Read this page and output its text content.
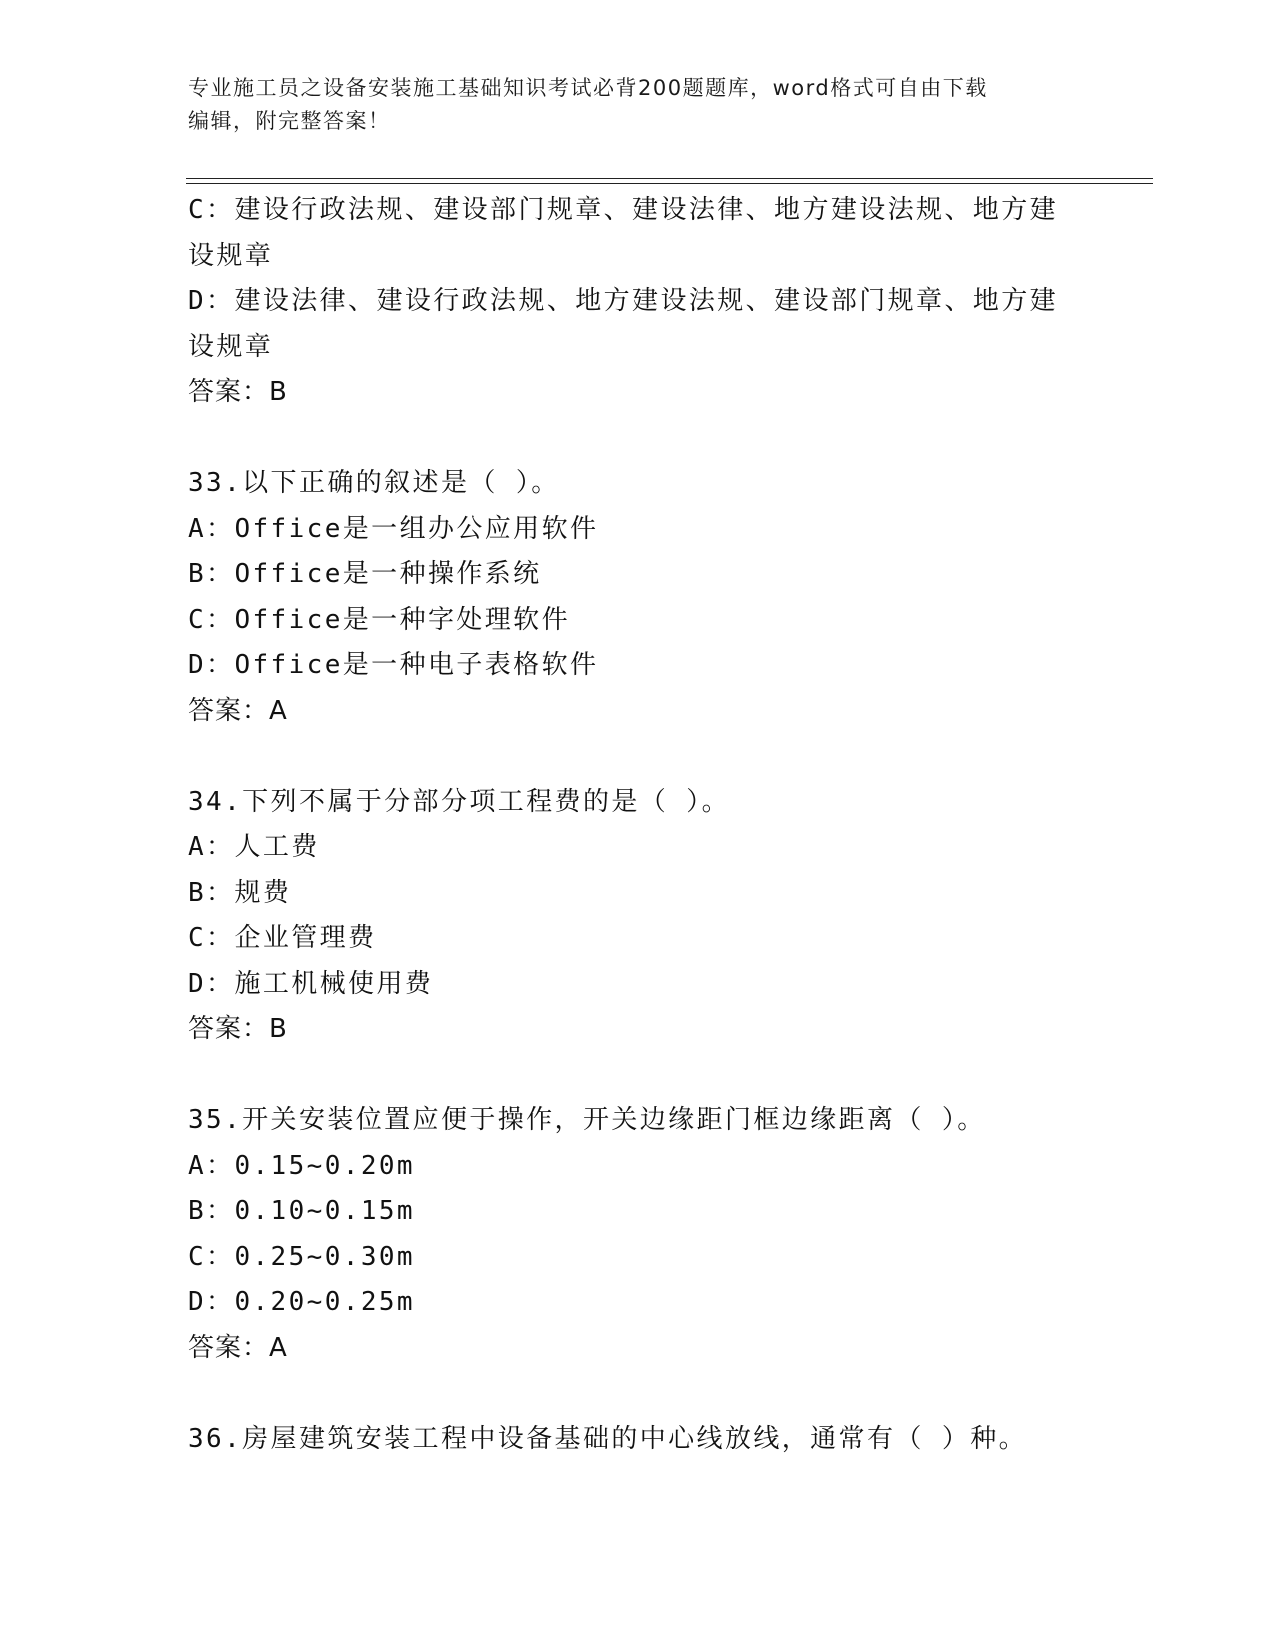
专业施工员之设备安装施工基础知识考试必背200题题库，word格式可自由下载
编辑，附完整答案！
C：建设行政法规、建设部门规章、建设法律、地方建设法规、地方建
设规章
D：建设法律、建设行政法规、地方建设法规、建设部门规章、地方建
设规章
答案：B
33.以下正确的叙述是（ ）。
A：Office是一组办公应用软件
B：Office是一种操作系统
C：Office是一种字处理软件
D：Office是一种电子表格软件
答案：A
34.下列不属于分部分项工程费的是（ ）。
A：人工费
B：规费
C：企业管理费
D：施工机械使用费
答案：B
35.开关安装位置应便于操作，开关边缘距门框边缘距离（ ）。
A：0.15~0.20m
B：0.10~0.15m
C：0.25~0.30m
D：0.20~0.25m
答案：A
36.房屋建筑安装工程中设备基础的中心线放线，通常有（ ）种。
